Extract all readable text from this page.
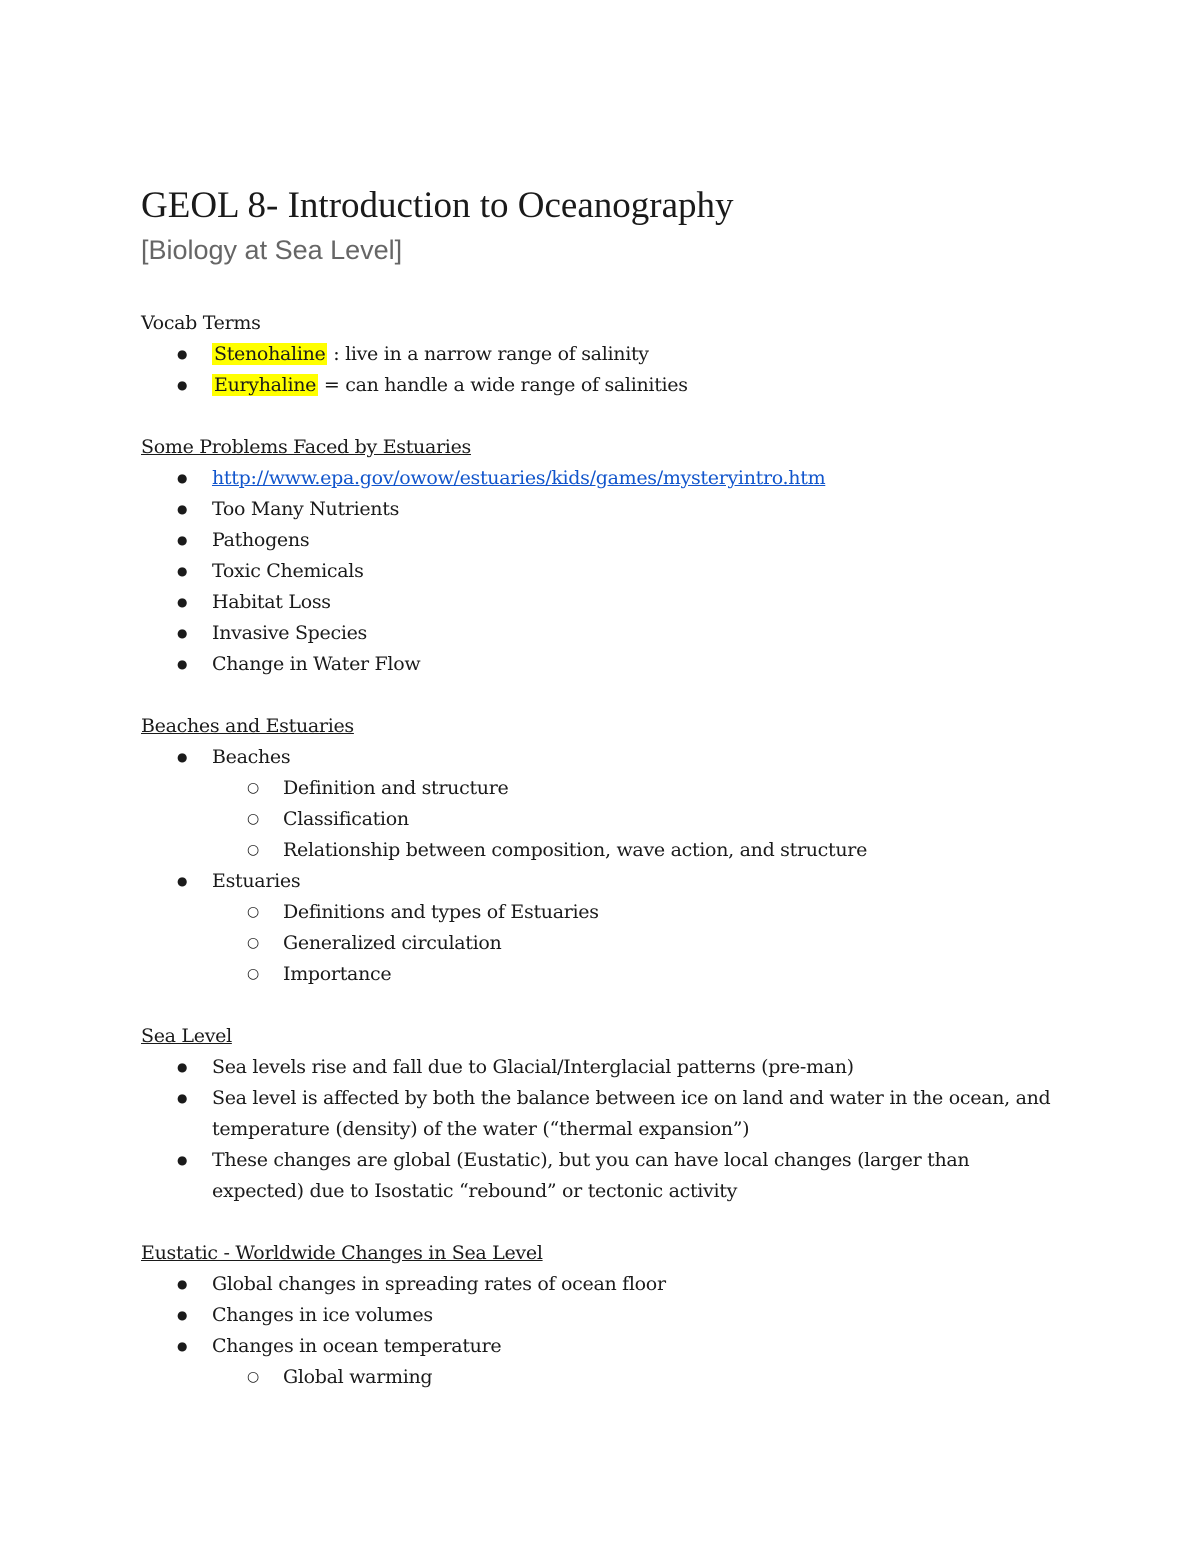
GEOL 8- Introduction to Oceanography
[Biology at Sea Level]
Vocab Terms
● Stenohaline : live in a narrow range of salinity
● Euryhaline = can handle a wide range of salinities
Some Problems Faced by Estuaries
● http://www.epa.gov/owow/estuaries/kids/games/mysteryintro.htm
● Too Many Nutrients
● Pathogens
● Toxic Chemicals
● Habitat Loss
● Invasive Species
● Change in Water Flow
Beaches and Estuaries
● Beaches
○ Definition and structure
○ Classification
○ Relationship between composition, wave action, and structure
● Estuaries
○ Definitions and types of Estuaries
○ Generalized circulation
○ Importance
Sea Level
● Sea levels rise and fall due to Glacial/Interglacial patterns (pre-man)
● Sea level is affected by both the balance between ice on land and water in the ocean, and temperature (density) of the water (“thermal expansion”)
● These changes are global (Eustatic), but you can have local changes (larger than expected) due to Isostatic “rebound” or tectonic activity
Eustatic - Worldwide Changes in Sea Level
● Global changes in spreading rates of ocean floor
● Changes in ice volumes
● Changes in ocean temperature
○ Global warming
